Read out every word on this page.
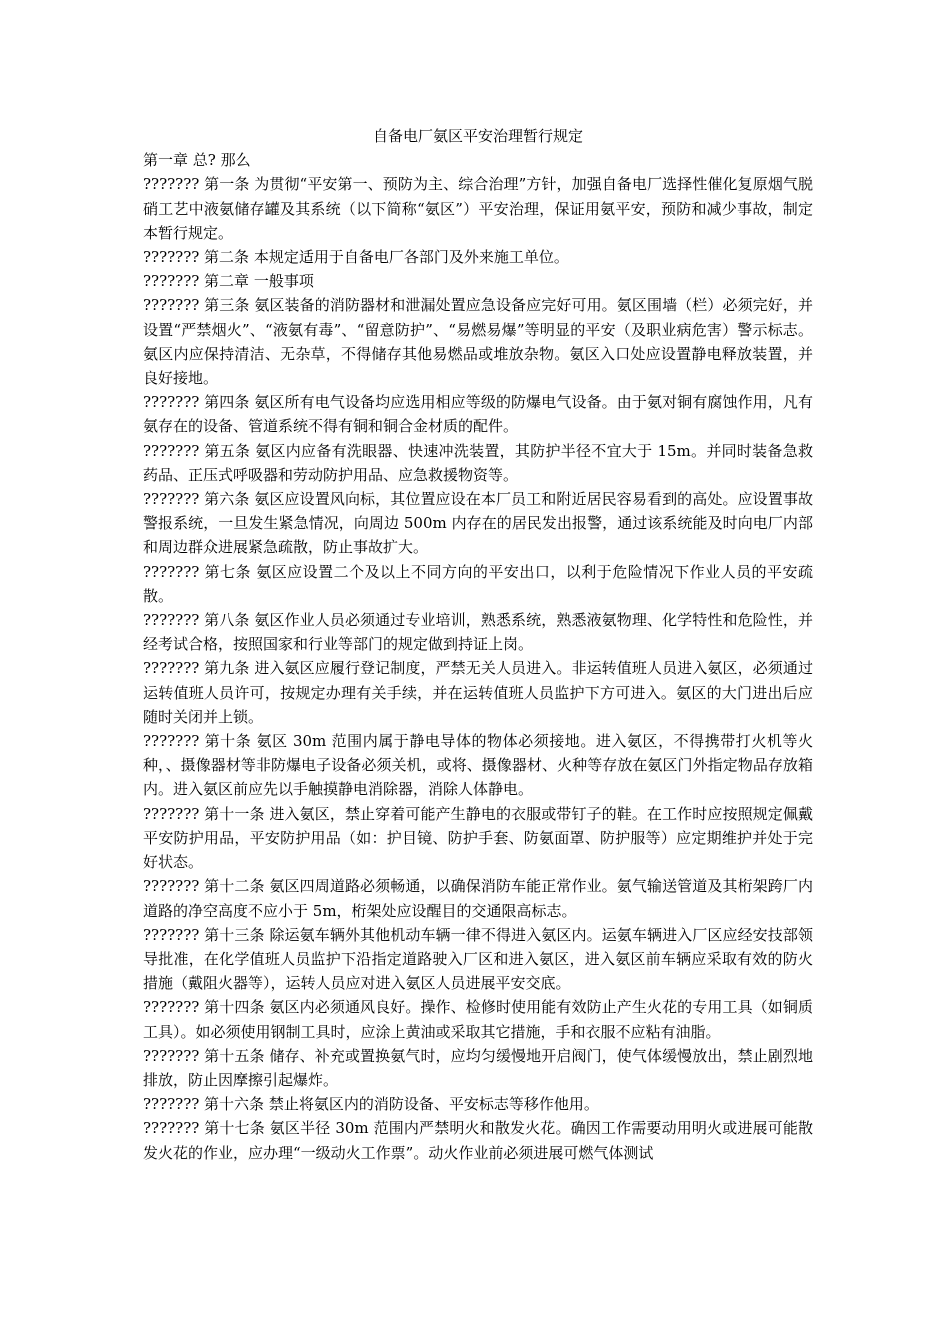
自备电厂氨区平安治理暂行规定

第一章 总? 那么

??????? 第一条 为贯彻“平安第一、预防为主、综合治理”方针，加强自备电厂选择性催化复原烟气脱硝工艺中液氨储存罐及其系统（以下简称“氨区”）平安治理，保证用氨平安，预防和减少事故，制定本暂行规定。

??????? 第二条 本规定适用于自备电厂各部门及外来施工单位。

??????? 第二章 一般事项

??????? 第三条 氨区装备的消防器材和泄漏处置应急设备应完好可用。氨区围墙（栏）必须完好，并设置“严禁烟火”、“液氨有毒”、“留意防护”、“易燃易爆”等明显的平安（及职业病危害）警示标志。氨区内应保持清洁、无杂草，不得储存其他易燃品或堆放杂物。氨区入口处应设置静电释放装置，并良好接地。

??????? 第四条 氨区所有电气设备均应选用相应等级的防爆电气设备。由于氨对铜有腐蚀作用，凡有氨存在的设备、管道系统不得有铜和铜合金材质的配件。

??????? 第五条 氨区内应备有洗眼器、快速冲洗装置，其防护半径不宜大于 15m。并同时装备急救药品、正压式呼吸器和劳动防护用品、应急救援物资等。

??????? 第六条 氨区应设置风向标，其位置应设在本厂员工和附近居民容易看到的高处。应设置事故警报系统，一旦发生紧急情况，向周边 500m 内存在的居民发出报警，通过该系统能及时向电厂内部和周边群众进展紧急疏散，防止事故扩大。

??????? 第七条 氨区应设置二个及以上不同方向的平安出口，以利于危险情况下作业人员的平安疏散。

??????? 第八条 氨区作业人员必须通过专业培训，熟悉系统，熟悉液氨物理、化学特性和危险性，并经考试合格，按照国家和行业等部门的规定做到持证上岗。

??????? 第九条 进入氨区应履行登记制度，严禁无关人员进入。非运转值班人员进入氨区，必须通过运转值班人员许可，按规定办理有关手续，并在运转值班人员监护下方可进入。氨区的大门进出后应随时关闭并上锁。

??????? 第十条 氨区 30m 范围内属于静电导体的物体必须接地。进入氨区，不得携带打火机等火种，、摄像器材等非防爆电子设备必须关机，或将、摄像器材、火种等存放在氨区门外指定物品存放箱内。进入氨区前应先以手触摸静电消除器，消除人体静电。

??????? 第十一条 进入氨区，禁止穿着可能产生静电的衣服或带钉子的鞋。在工作时应按照规定佩戴平安防护用品，平安防护用品（如：护目镜、防护手套、防氨面罩、防护服等）应定期维护并处于完好状态。

??????? 第十二条 氨区四周道路必须畅通，以确保消防车能正常作业。氨气输送管道及其桁架跨厂内道路的净空高度不应小于 5m，桁架处应设醒目的交通限高标志。

??????? 第十三条 除运氨车辆外其他机动车辆一律不得进入氨区内。运氨车辆进入厂区应经安技部领导批准，在化学值班人员监护下沿指定道路驶入厂区和进入氨区，进入氨区前车辆应采取有效的防火措施（戴阻火器等），运转人员应对进入氨区人员进展平安交底。

??????? 第十四条 氨区内必须通风良好。操作、检修时使用能有效防止产生火花的专用工具（如铜质工具）。如必须使用钢制工具时，应涂上黄油或采取其它措施，手和衣服不应粘有油脂。

??????? 第十五条 储存、补充或置换氨气时，应均匀缓慢地开启阀门，使气体缓慢放出，禁止剧烈地排放，防止因摩擦引起爆炸。

??????? 第十六条 禁止将氨区内的消防设备、平安标志等移作他用。

??????? 第十七条 氨区半径 30m 范围内严禁明火和散发火花。确因工作需要动用明火或进展可能散发火花的作业，应办理“一级动火工作票”。动火作业前必须进展可燃气体测试
